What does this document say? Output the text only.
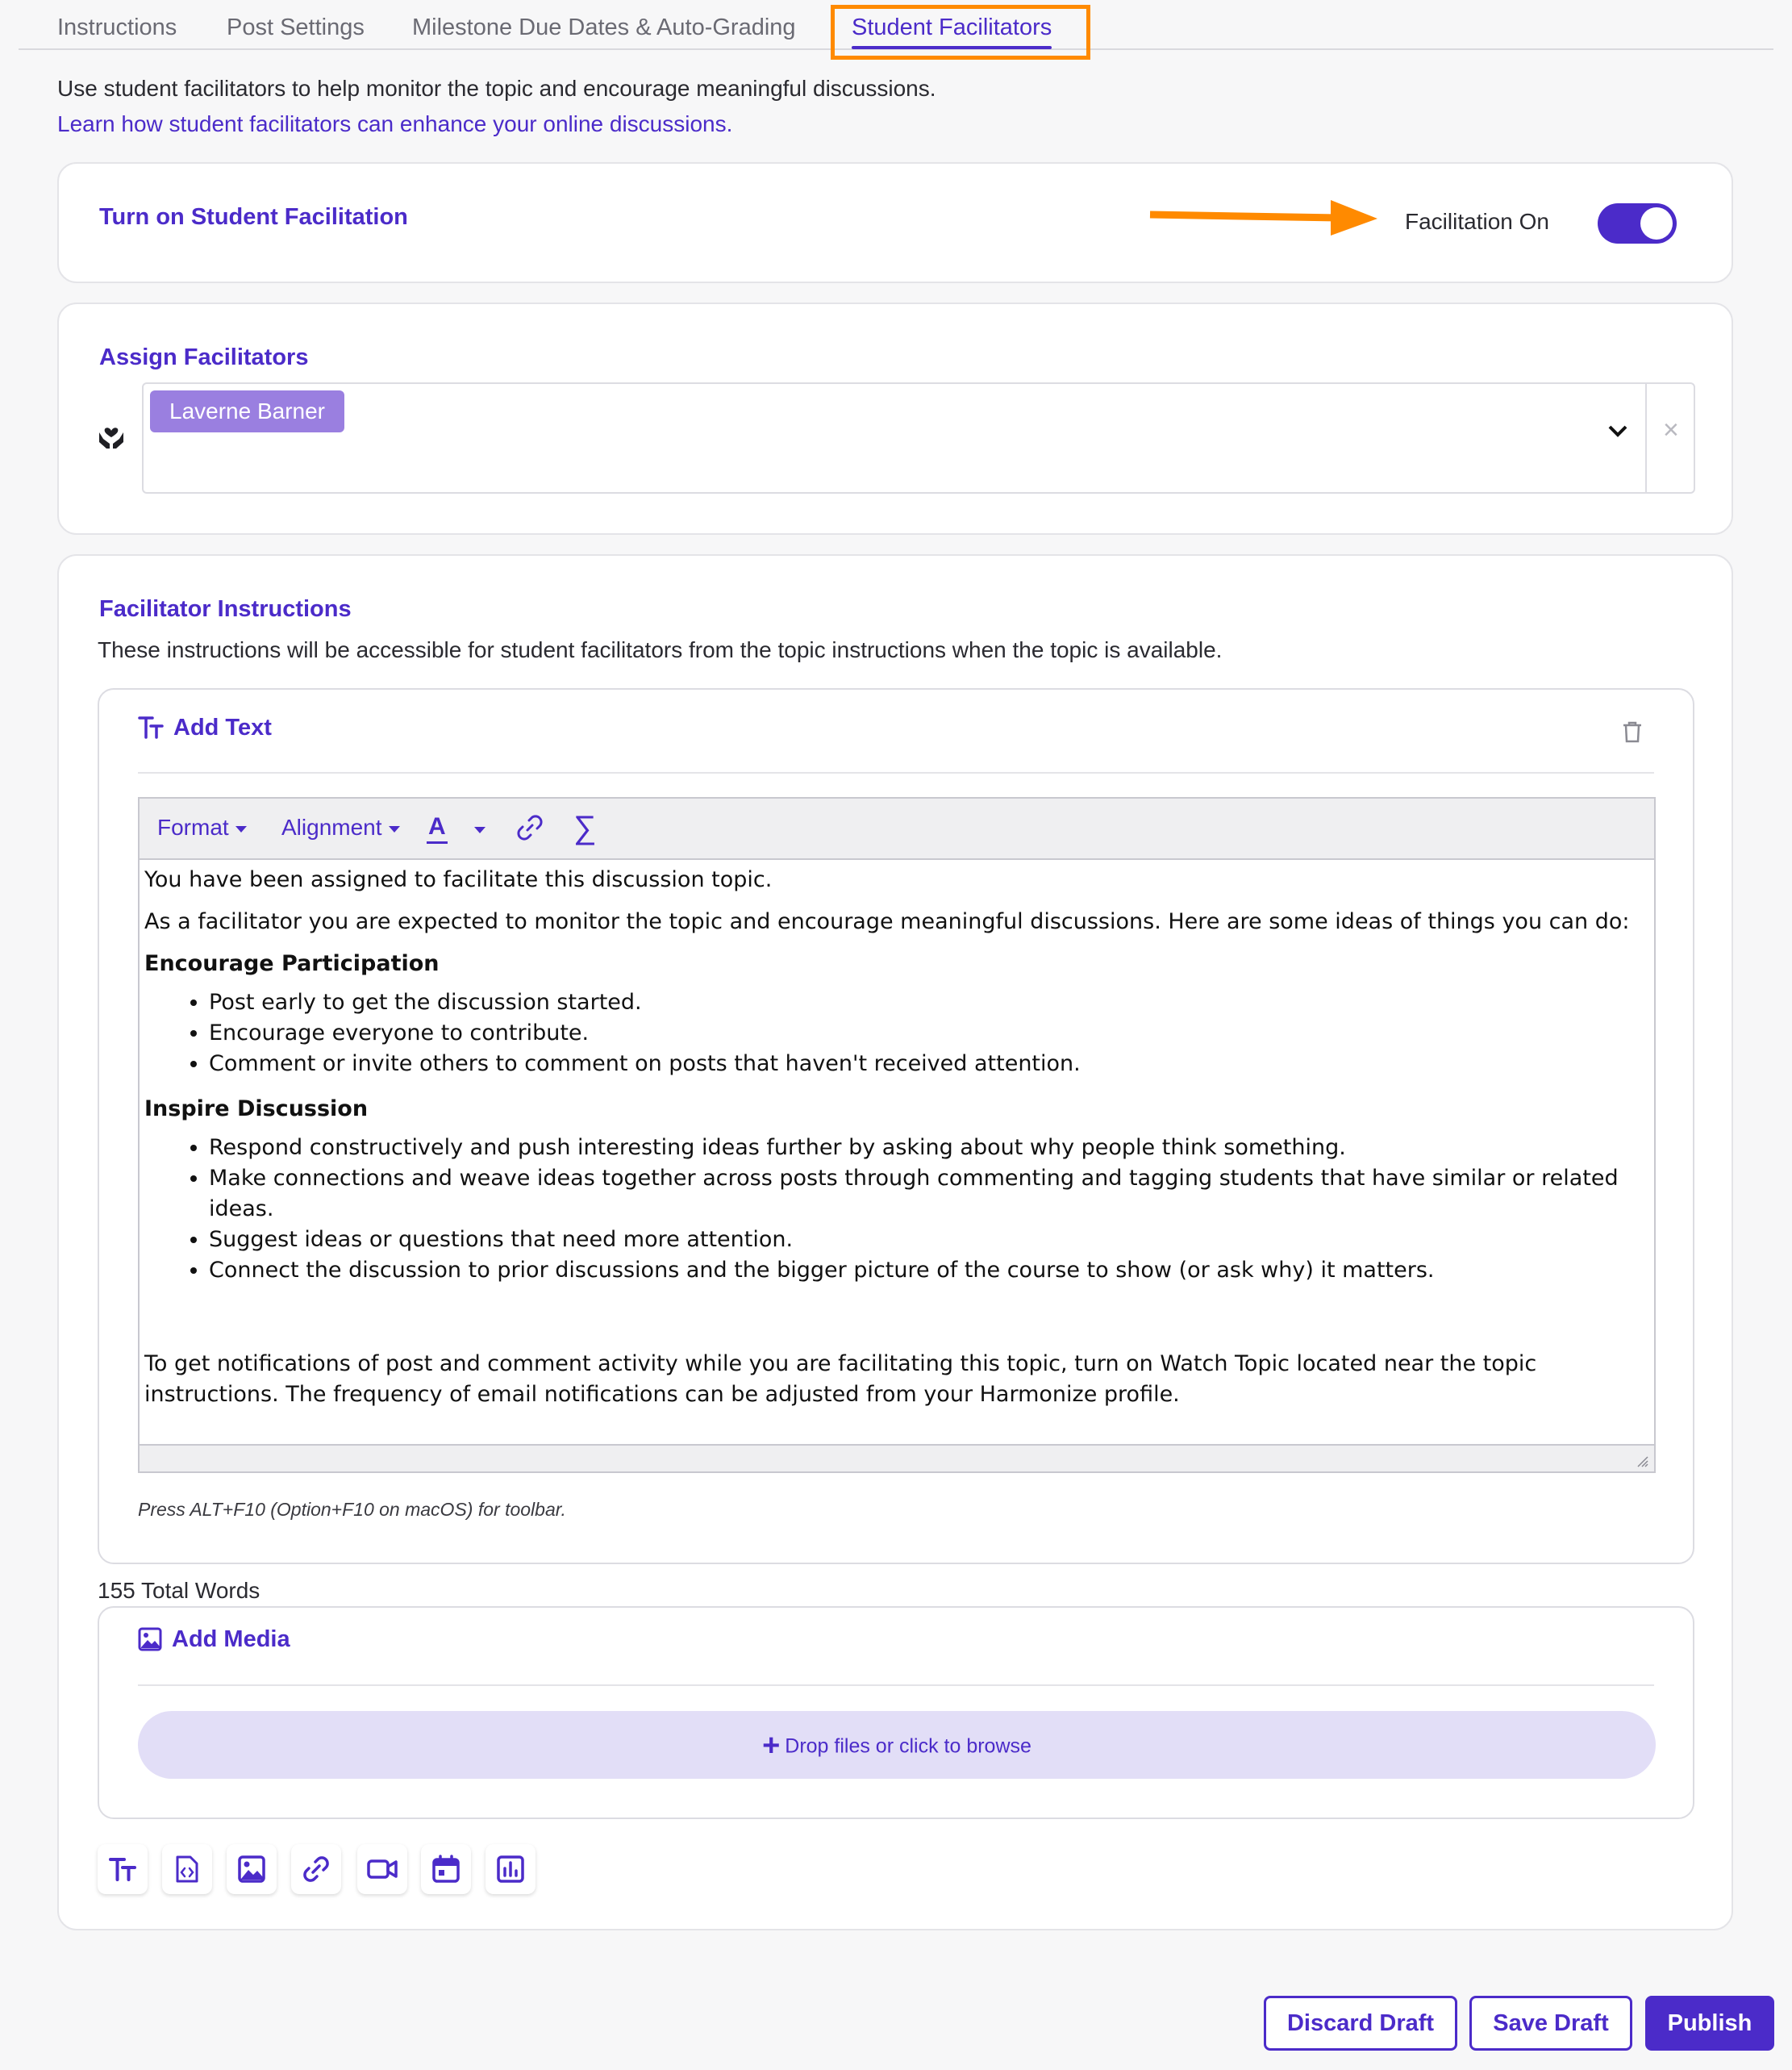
Instructions Post Settings Milestone Due Dates & Auto-Grading Student Facilitators
Use student facilitators to help monitor the topic and encourage meaningful discussions.
Learn how student facilitators can enhance your online discussions.
Turn on Student Facilitation	Facilitation On
Assign Facilitators
Laverne Barner
×
Facilitator Instructions
These instructions will be accessible for student facilitators from the topic instructions when the topic is available.
Add Text
Format	Alignment	A	∑

You have been assigned to facilitate this discussion topic.

As a facilitator you are expected to monitor the topic and encourage meaningful discussions. Here are some ideas of things you can do:

Encourage Participation
• Post early to get the discussion started.
• Encourage everyone to contribute.
• Comment or invite others to comment on posts that haven't received attention.
Inspire Discussion
• Respond constructively and push interesting ideas further by asking about why people think something.
• Make connections and weave ideas together across posts through commenting and tagging students that have similar or related ideas.
• Suggest ideas or questions that need more attention.
• Connect the discussion to prior discussions and the bigger picture of the course to show (or ask why) it matters.

To get notifications of post and comment activity while you are facilitating this topic, turn on Watch Topic located near the topic instructions. The frequency of email notifications can be adjusted from your Harmonize profile.

Press ALT+F10 (Option+F10 on macOS) for toolbar.
155 Total Words
Add Media
+ Drop files or click to browse
Discard Draft	Save Draft	Publish
